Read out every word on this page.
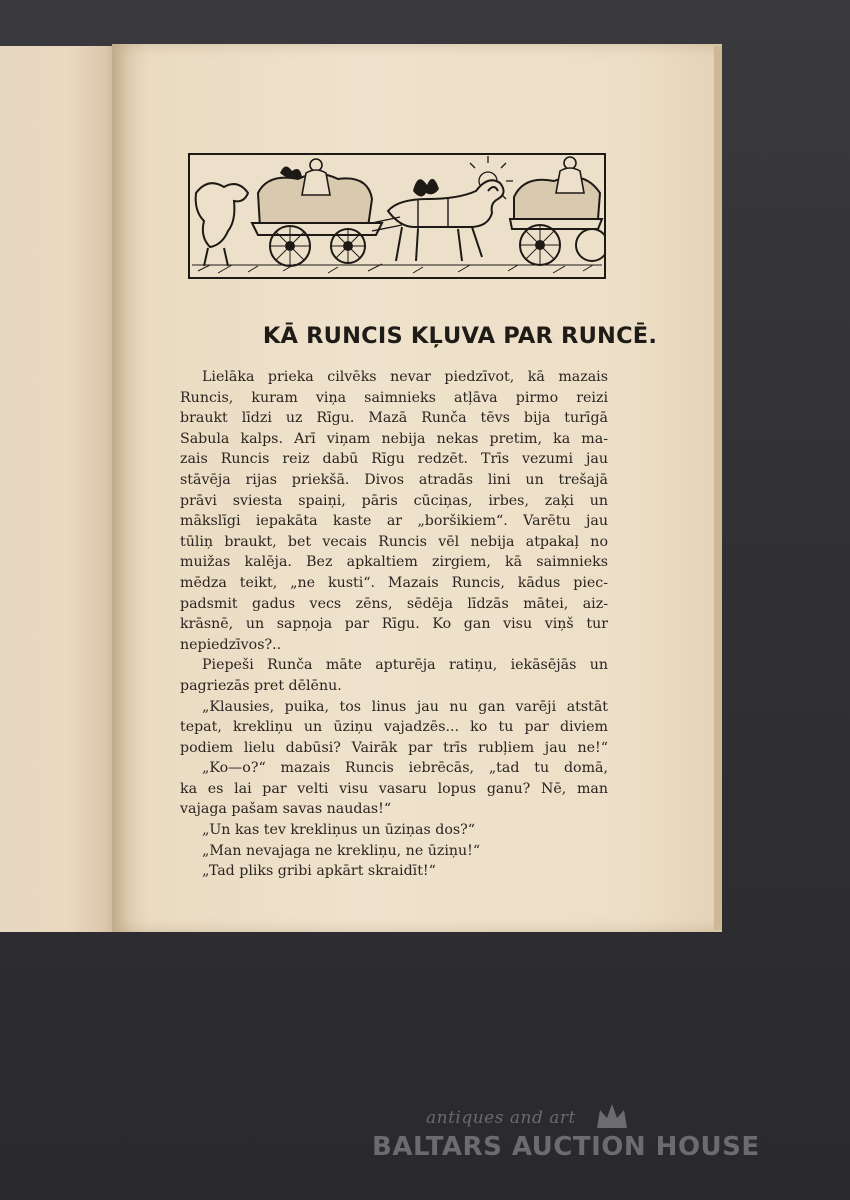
KĀ RUNCIS KĻUVA PAR RUNCĒ.
Lielāka prieka cilvēks nevar piedzīvot, kā mazais
Runcis, kuram viņa saimnieks atļāva pirmo reizi
braukt līdzi uz Rīgu. Mazā Runča tēvs bija turīgā
Sabula kalps. Arī viņam nebija nekas pretim, ka ma-
zais Runcis reiz dabū Rīgu redzēt. Trīs vezumi jau
stāvēja rijas priekšā. Divos atradās lini un trešajā
prāvi sviesta spaiņi, pāris cūciņas, irbes, zaķi un
mākslīgi iepakāta kaste ar „boršikiem“. Varētu jau
tūliņ braukt, bet vecais Runcis vēl nebija atpakaļ no
muižas kalēja. Bez apkaltiem zirgiem, kā saimnieks
mēdza teikt, „ne kusti“. Mazais Runcis, kādus piec-
padsmit gadus vecs zēns, sēdēja līdzās mātei, aiz-
krāsnē, un sapņoja par Rīgu. Ko gan visu viņš tur
nepiedzīvos?..
Piepeši Runča māte apturēja ratiņu, iekāsējās un
pagriezās pret dēlēnu.
„Klausies, puika, tos linus jau nu gan varēji atstāt
tepat, krekliņu un ūziņu vajadzēs... ko tu par diviem
podiem lielu dabūsi? Vairāk par trīs rubļiem jau ne!“
„Ko—o?“ mazais Runcis iebrēcās, „tad tu domā,
ka es lai par velti visu vasaru lopus ganu? Nē, man
vajaga pašam savas naudas!“
„Un kas tev krekliņus un ūziņas dos?“
„Man nevajaga ne krekliņu, ne ūziņu!“
„Tad pliks gribi apkārt skraidīt!“
antiques and art
BALTARS AUCTION HOUSE
